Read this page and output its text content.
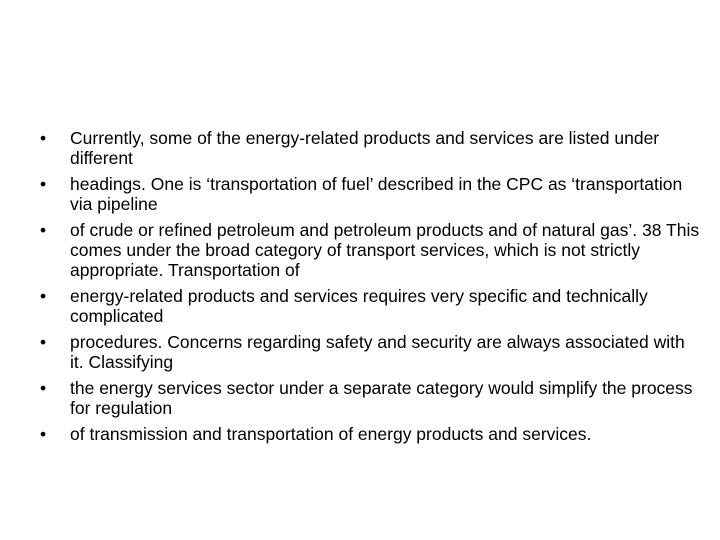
•	Currently, some of the energy-related products and services are listed under different
•	headings. One is ‘transportation of fuel’ described in the CPC as ‘transportation via pipeline
•	of crude or refined petroleum and petroleum products and of natural gas’. 38 This comes under the broad category of transport services, which is not strictly appropriate. Transportation of
•	energy-related products and services requires very specific and technically complicated
•	procedures. Concerns regarding safety and security are always associated with it. Classifying
•	the energy services sector under a separate category would simplify the process for regulation
•	of transmission and transportation of energy products and services.
